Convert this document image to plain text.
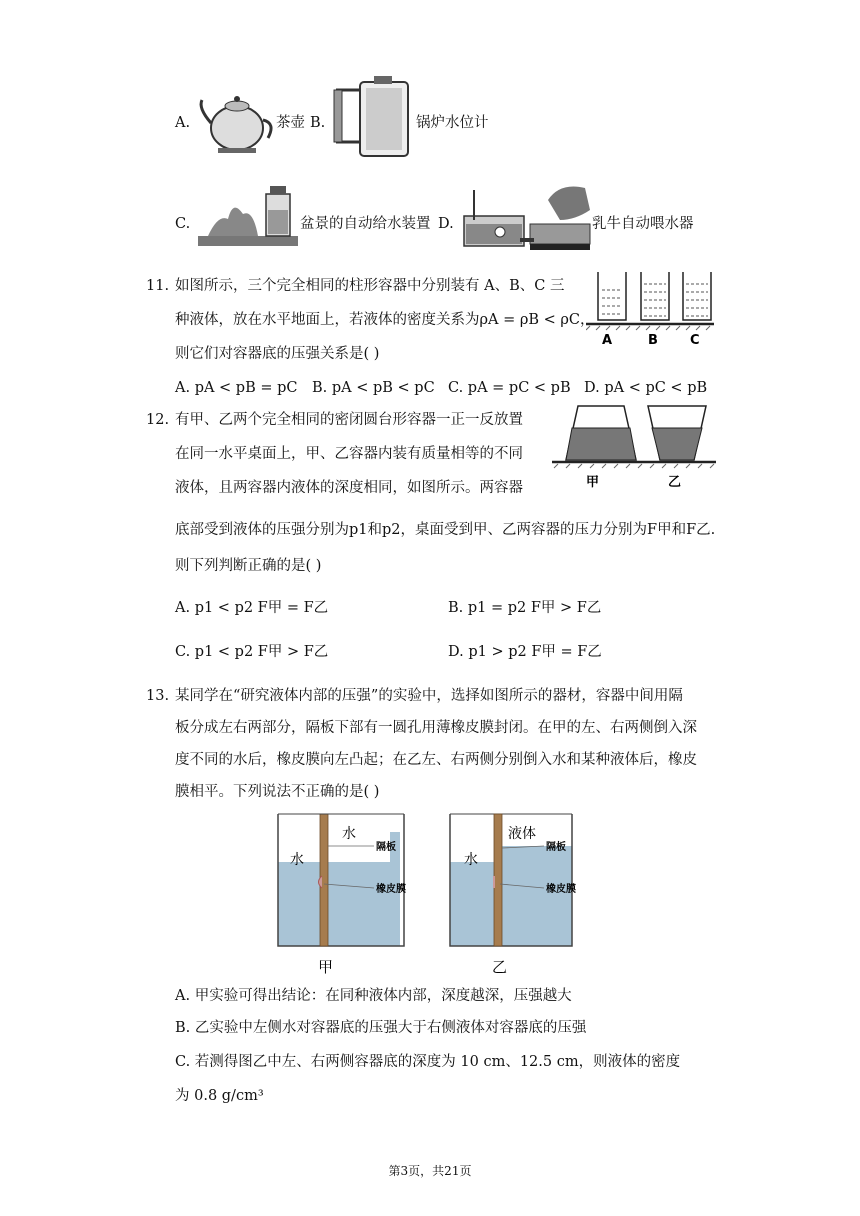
A.	茶壶 B.	锅炉水位计
C.	盆景的自动给水装置 D.	乳牛自动喂水器
11. 如图所示，三个完全相同的柱形容器中分别装有 A、B、C 三
种液体，放在水平地面上，若液体的密度关系为ρA = ρB < ρC，
则它们对容器底的压强关系是( )
A	B C
A. pA < pB = pC B. pA < pB < pC C. pA = pC < pB D. pA < pC < pB
12. 有甲、乙两个完全相同的密闭圆台形容器一正一反放置
在同一水平桌面上，甲、乙容器内装有质量相等的不同
液体，且两容器内液体的深度相同，如图所示。两容器	甲	乙
底部受到液体的压强分别为p1和p2，桌面受到甲、乙两容器的压力分别为F甲和F乙.
则下列判断正确的是( )
A. p1 < p2 F甲 = F乙	B. p1 = p2 F甲 > F乙
C. p1 < p2 F甲 > F乙	D. p1 > p2 F甲 = F乙
13. 某同学在“研究液体内部的压强”的实验中，选择如图所示的器材，容器中间用隔
板分成左右两部分，隔板下部有一圆孔用薄橡皮膜封闭。在甲的左、右两侧倒入深
度不同的水后，橡皮膜向左凸起；在乙左、右两侧分别倒入水和某种液体后，橡皮
膜相平。下列说法不正确的是( )
水
水
隔板
橡皮膜
甲
水
液体
隔板
橡皮膜
乙
A. 甲实验可得出结论：在同种液体内部，深度越深，压强越大
B. 乙实验中左侧水对容器底的压强大于右侧液体对容器底的压强
C. 若测得图乙中左、右两侧容器底的深度为 10 cm、12.5 cm，则液体的密度
为 0.8 g/cm³
第3页，共21页
